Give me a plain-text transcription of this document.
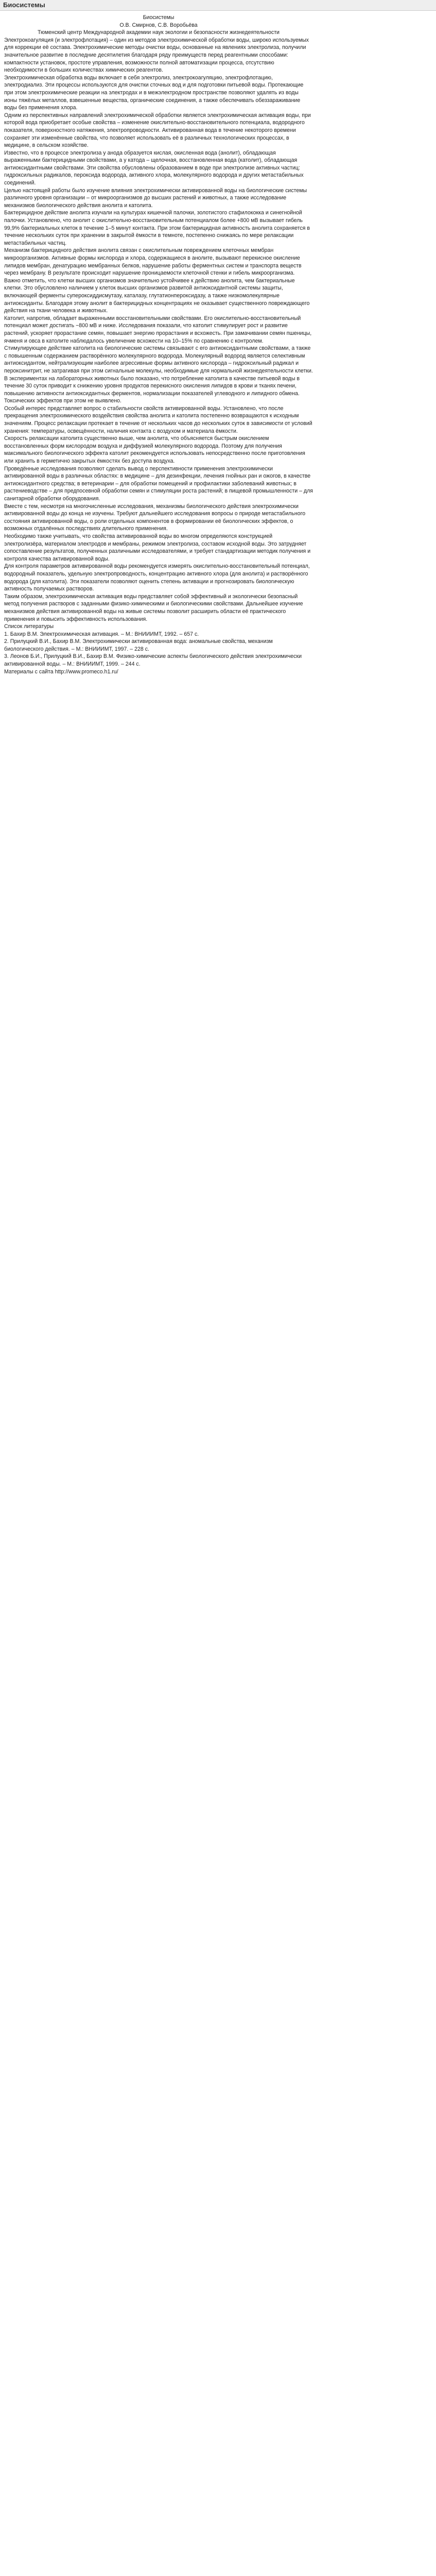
Биосистемы

Биосистемы

О.В. Смирнов, С.В. Воробьёва

Тюменский центр Международной академии наук экологии и безопасности жизнедеятельности

Электрокоагуляция (и электрофлотация) – один из методов электрохимической обработки воды, широко используемых для коррекции её состава. Электрохимические методы очистки воды, основанные на явлениях электролиза, получили значительное развитие в последние десятилетия благодаря ряду преимуществ перед реагентными способами: компактности установок, простоте управления, возможности полной автоматизации процесса, отсутствию необходимости в больших количествах химических реагентов.

Электрохимическая обработка воды включает в себя электролиз, электрокоагуляцию, электрофлотацию, электродиализ. Эти процессы используются для очистки сточных вод и для подготовки питьевой воды. Протекающие при этом электрохимические реакции на электродах и в межэлектродном пространстве позволяют удалять из воды ионы тяжёлых металлов, взвешенные вещества, органические соединения, а также обеспечивать обеззараживание воды без применения хлора.

Одним из перспективных направлений электрохимической обработки является электрохимическая активация воды, при которой вода приобретает особые свойства – изменение окислительно-восстановительного потенциала, водородного показателя, поверхностного натяжения, электропроводности. Активированная вода в течение некоторого времени сохраняет эти изменённые свойства, что позволяет использовать её в различных технологических процессах, в медицине, в сельском хозяйстве.

Известно, что в процессе электролиза у анода образуется кислая, окисленная вода (анолит), обладающая выраженными бактерицидными свойствами, а у катода – щелочная, восстановленная вода (католит), обладающая антиоксидантными свойствами. Эти свойства обусловлены образованием в воде при электролизе активных частиц: гидроксильных радикалов, пероксида водорода, активного хлора, молекулярного водорода и других метастабильных соединений.

Целью настоящей работы было изучение влияния электрохимически активированной воды на биологические системы различного уровня организации – от микроорганизмов до высших растений и животных, а также исследование механизмов биологического действия анолита и католита.

Бактерицидное действие анолита изучали на культурах кишечной палочки, золотистого стафилококка и синегнойной палочки. Установлено, что анолит с окислительно-восстановительным потенциалом более +800 мВ вызывает гибель 99,9% бактериальных клеток в течение 1–5 минут контакта. При этом бактерицидная активность анолита сохраняется в течение нескольких суток при хранении в закрытой ёмкости в темноте, постепенно снижаясь по мере релаксации метастабильных частиц.

Механизм бактерицидного действия анолита связан с окислительным повреждением клеточных мембран микроорганизмов. Активные формы кислорода и хлора, содержащиеся в анолите, вызывают перекисное окисление липидов мембран, денатурацию мембранных белков, нарушение работы ферментных систем и транспорта веществ через мембрану. В результате происходит нарушение проницаемости клеточной стенки и гибель микроорганизма.

Важно отметить, что клетки высших организмов значительно устойчивее к действию анолита, чем бактериальные клетки. Это обусловлено наличием у клеток высших организмов развитой антиоксидантной системы защиты, включающей ферменты супероксиддисмутазу, каталазу, глутатионпероксидазу, а также низкомолекулярные антиоксиданты. Благодаря этому анолит в бактерицидных концентрациях не оказывает существенного повреждающего действия на ткани человека и животных.

Католит, напротив, обладает выраженными восстановительными свойствами. Его окислительно-восстановительный потенциал может достигать −800 мВ и ниже. Исследования показали, что католит стимулирует рост и развитие растений, ускоряет прорастание семян, повышает энергию прорастания и всхожесть. При замачивании семян пшеницы, ячменя и овса в католите наблюдалось увеличение всхожести на 10–15% по сравнению с контролем.

Стимулирующее действие католита на биологические системы связывают с его антиоксидантными свойствами, а также с повышенным содержанием растворённого молекулярного водорода. Молекулярный водород является селективным антиоксидантом, нейтрализующим наиболее агрессивные формы активного кислорода – гидроксильный радикал и пероксинитрит, не затрагивая при этом сигнальные молекулы, необходимые для нормальной жизнедеятельности клетки.

В экспериментах на лабораторных животных было показано, что потребление католита в качестве питьевой воды в течение 30 суток приводит к снижению уровня продуктов перекисного окисления липидов в крови и тканях печени, повышению активности антиоксидантных ферментов, нормализации показателей углеводного и липидного обмена. Токсических эффектов при этом не выявлено.

Особый интерес представляет вопрос о стабильности свойств активированной воды. Установлено, что после прекращения электрохимического воздействия свойства анолита и католита постепенно возвращаются к исходным значениям. Процесс релаксации протекает в течение от нескольких часов до нескольких суток в зависимости от условий хранения: температуры, освещённости, наличия контакта с воздухом и материала ёмкости.

Скорость релаксации католита существенно выше, чем анолита, что объясняется быстрым окислением восстановленных форм кислородом воздуха и диффузией молекулярного водорода. Поэтому для получения максимального биологического эффекта католит рекомендуется использовать непосредственно после приготовления или хранить в герметично закрытых ёмкостях без доступа воздуха.

Проведённые исследования позволяют сделать вывод о перспективности применения электрохимически активированной воды в различных областях: в медицине – для дезинфекции, лечения гнойных ран и ожогов, в качестве антиоксидантного средства; в ветеринарии – для обработки помещений и профилактики заболеваний животных; в растениеводстве – для предпосевной обработки семян и стимуляции роста растений; в пищевой промышленности – для санитарной обработки оборудования.

Вместе с тем, несмотря на многочисленные исследования, механизмы биологического действия электрохимически активированной воды до конца не изучены. Требуют дальнейшего исследования вопросы о природе метастабильного состояния активированной воды, о роли отдельных компонентов в формировании её биологических эффектов, о возможных отдалённых последствиях длительного применения.

Необходимо также учитывать, что свойства активированной воды во многом определяются конструкцией электролизёра, материалом электродов и мембраны, режимом электролиза, составом исходной воды. Это затрудняет сопоставление результатов, полученных различными исследователями, и требует стандартизации методик получения и контроля качества активированной воды.

Для контроля параметров активированной воды рекомендуется измерять окислительно-восстановительный потенциал, водородный показатель, удельную электропроводность, концентрацию активного хлора (для анолита) и растворённого водорода (для католита). Эти показатели позволяют оценить степень активации и прогнозировать биологическую активность получаемых растворов.

Таким образом, электрохимическая активация воды представляет собой эффективный и экологически безопасный метод получения растворов с заданными физико-химическими и биологическими свойствами. Дальнейшее изучение механизмов действия активированной воды на живые системы позволит расширить области её практического применения и повысить эффективность использования.

Список литературы

1. Бахир В.М. Электрохимическая активация. – М.: ВНИИИМТ, 1992. – 657 с.

2. Прилуцкий В.И., Бахир В.М. Электрохимически активированная вода: аномальные свойства, механизм биологического действия. – М.: ВНИИИМТ, 1997. – 228 с.

3. Леонов Б.И., Прилуцкий В.И., Бахир В.М. Физико-химические аспекты биологического действия электрохимически активированной воды. – М.: ВНИИИМТ, 1999. – 244 с.

Материалы с сайта http://www.promeco.h1.ru/
